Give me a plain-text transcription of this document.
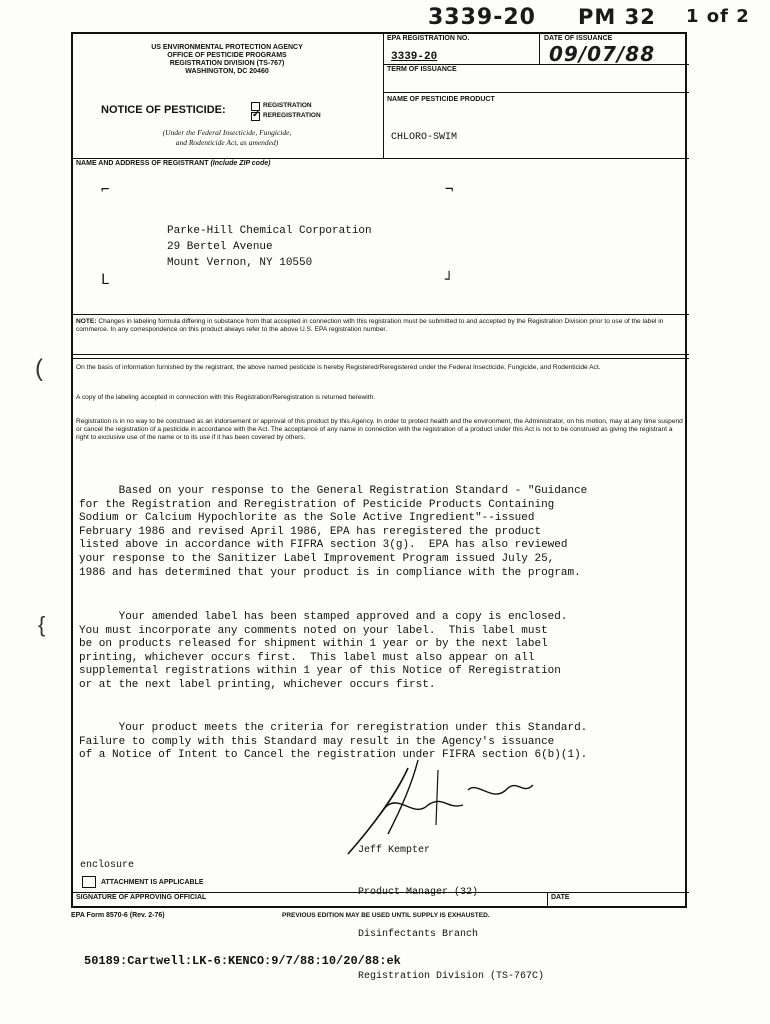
3339-20 PM 32 1 of 2
US ENVIRONMENTAL PROTECTION AGENCY
OFFICE OF PESTICIDE PROGRAMS
REGISTRATION DIVISION (TS-767)
WASHINGTON, DC 20460
NOTICE OF PESTICIDE:	REGISTRATION
✓
REREGISTRATION
(Under the Federal Insecticide, Fungicide,
and Rodenticide Act, as amended)
EPA REGISTRATION NO.
3339-20
DATE OF ISSUANCE
09/07/88
TERM OF ISSUANCE
NAME OF PESTICIDE PRODUCT
CHLORO-SWIM
NAME AND ADDRESS OF REGISTRANT (Include ZIP code)
⌐	¬
L	┘
Parke-Hill Chemical Corporation
29 Bertel Avenue
Mount Vernon, NY 10550
NOTE: Changes in labeling formula differing in substance from that accepted in connection with this registration must be submitted to and accepted by the Registration Division prior to use of the label in commerce. In any correspondence on this product always refer to the above U.S. EPA registration number.
On the basis of information furnished by the registrant, the above named pesticide is hereby Registered/Reregistered under the Federal Insecticide, Fungicide, and Rodenticide Act.
A copy of the labeling accepted in connection with this Registration/Reregistration is returned herewith.
Registration is in no way to be construed as an indorsement or approval of this product by this Agency. In order to protect health and the environment, the Administrator, on his motion, may at any time suspend or cancel the registration of a pesticide in accordance with the Act. The acceptance of any name in connection with the registration of a product under this Act is not to be construed as giving the registrant a right to exclusive use of the name or to its use if it has been covered by others.
Based on your response to the General Registration Standard - "Guidance
for the Registration and Reregistration of Pesticide Products Containing
Sodium or Calcium Hypochlorite as the Sole Active Ingredient"--issued
February 1986 and revised April 1986, EPA has reregistered the product
listed above in accordance with FIFRA section 3(g).  EPA has also reviewed
your response to the Sanitizer Label Improvement Program issued July 25,
1986 and has determined that your product is in compliance with the program.
Your amended label has been stamped approved and a copy is enclosed.
You must incorporate any comments noted on your label.  This label must
be on products released for shipment within 1 year or by the next label
printing, whichever occurs first.  This label must also appear on all
supplemental registrations within 1 year of this Notice of Reregistration
or at the next label printing, whichever occurs first.
Your product meets the criteria for reregistration under this Standard.
Failure to comply with this Standard may result in the Agency's issuance
of a Notice of Intent to Cancel the registration under FIFRA section 6(b)(1).

Jeff Kempter

Disinfectants Branch

Registration Division (TS-767C)

enclosure
ATTACHMENT IS APPLICABLE
SIGNATURE OF APPROVING OFFICIAL	DATE
EPA Form 8570-6 (Rev. 2-76)	PREVIOUS EDITION MAY BE USED UNTIL SUPPLY IS EXHAUSTED.
50189:Cartwell:LK-6:KENCO:9/7/88:10/20/88:ek
(
{
